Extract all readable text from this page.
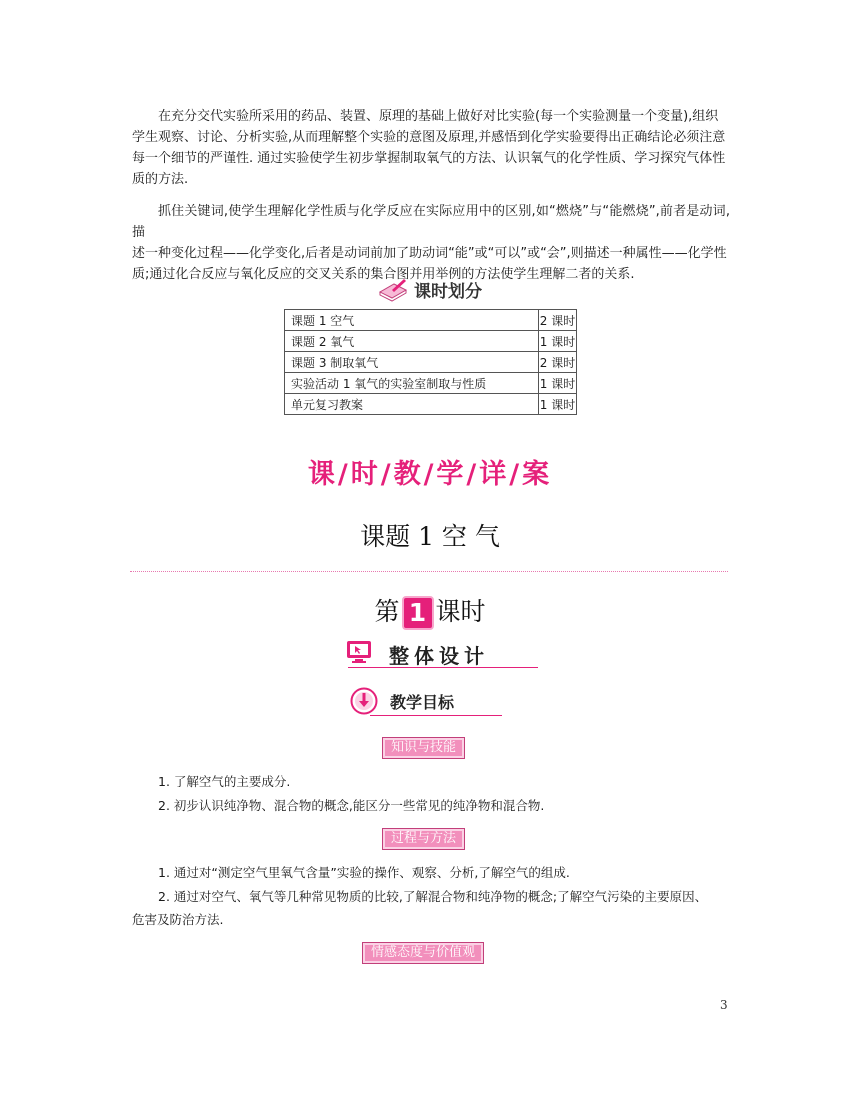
在充分交代实验所采用的药品、装置、原理的基础上做好对比实验(每一个实验测量一个变量),组织
学生观察、讨论、分析实验,从而理解整个实验的意图及原理,并感悟到化学实验要得出正确结论必须注意
每一个细节的严谨性. 通过实验使学生初步掌握制取氧气的方法、认识氧气的化学性质、学习探究气体性
质的方法.
抓住关键词,使学生理解化学性质与化学反应在实际应用中的区别,如“燃烧”与“能燃烧”,前者是动词,描
述一种变化过程——化学变化,后者是动词前加了助动词“能”或“可以”或“会”,则描述一种属性——化学性
质;通过化合反应与氧化反应的交叉关系的集合图并用举例的方法使学生理解二者的关系.
课时划分
课题 1 空气	2 课时
课题 2 氧气	1 课时
课题 3 制取氧气	2 课时
实验活动 1 氧气的实验室制取与性质	1 课时
单元复习教案	1 课时
课/时/教/学/详/案
课题 1 空 气
第 1 课时
整体设计
教学目标
知识与技能
1. 了解空气的主要成分.
2. 初步认识纯净物、混合物的概念,能区分一些常见的纯净物和混合物.
过程与方法
1. 通过对“测定空气里氧气含量”实验的操作、观察、分析,了解空气的组成.
2. 通过对空气、氧气等几种常见物质的比较,了解混合物和纯净物的概念;了解空气污染的主要原因、
危害及防治方法.
情感态度与价值观
3
